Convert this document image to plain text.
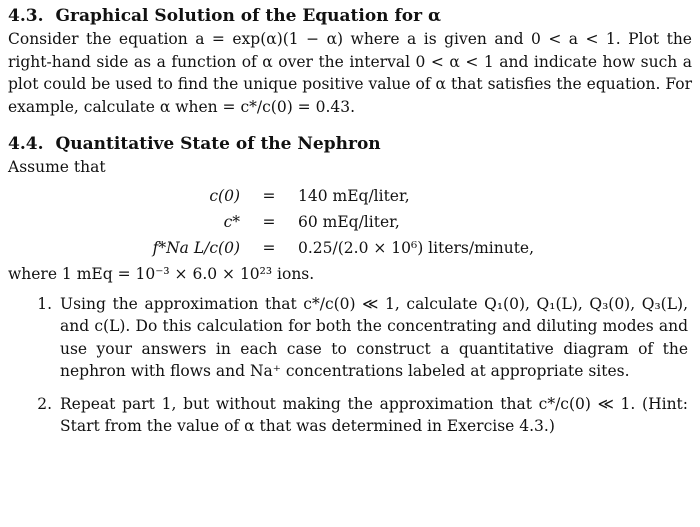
4.3. Graphical Solution of the Equation for α

Consider the equation a = exp(α)(1 − α) where a is given and 0 < a < 1. Plot the right-hand side as a function of α over the interval 0 < α < 1 and indicate how such a plot could be used to find the unique positive value of α that satisfies the equation. For example, calculate α when = c*/c(0) = 0.43.

4.4. Quantitative State of the Nephron

Assume that

c(0)	=	140 mEq/liter,
c*	=	60 mEq/liter,
f*Na L/c(0)	=	0.25/(2.0 × 10⁶) liters/minute,

where 1 mEq = 10⁻³ × 6.0 × 10²³ ions.

1. Using the approximation that c*/c(0) ≪ 1, calculate Q₁(0), Q₁(L), Q₃(0), Q₃(L), and c(L). Do this calculation for both the concentrating and diluting modes and use your answers in each case to construct a quantitative diagram of the nephron with flows and Na⁺ concentrations labeled at appropriate sites.
2. Repeat part 1, but without making the approximation that c*/c(0) ≪ 1. (Hint: Start from the value of α that was determined in Exercise 4.3.)
